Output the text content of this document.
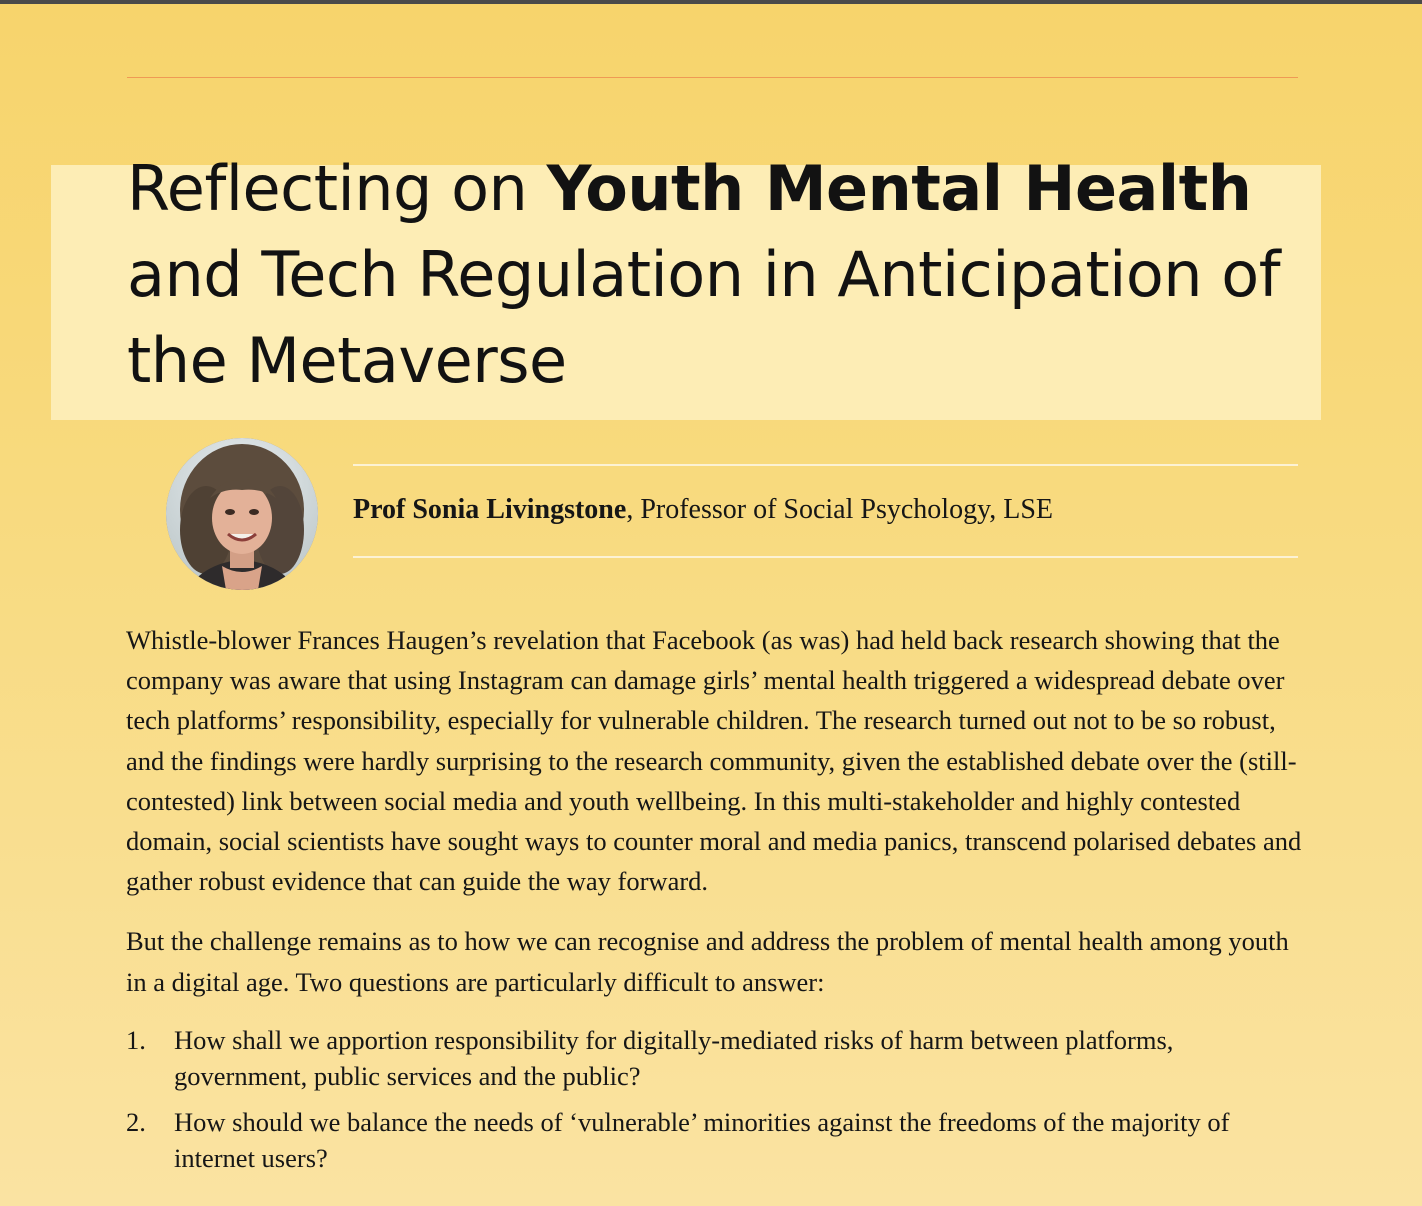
Reflecting on Youth Mental Health and Tech Regulation in Anticipation of the Metaverse
Prof Sonia Livingstone, Professor of Social Psychology, LSE

Whistle-blower Frances Haugen’s revelation that Facebook (as was) had held back research showing that the company was aware that using Instagram can damage girls’ mental health triggered a widespread debate over tech platforms’ responsibility, especially for vulnerable children. The research turned out not to be so robust, and the findings were hardly surprising to the research community, given the established debate over the (still-contested) link between social media and youth wellbeing. In this multi-stakeholder and highly contested domain, social scientists have sought ways to counter moral and media panics, transcend polarised debates and gather robust evidence that can guide the way forward.

But the challenge remains as to how we can recognise and address the problem of mental health among youth in a digital age. Two questions are particularly difficult to answer:

1. How shall we apportion responsibility for digitally-mediated risks of harm between platforms, government, public services and the public?
2. How should we balance the needs of ‘vulnerable’ minorities against the freedoms of the majority of internet users?
